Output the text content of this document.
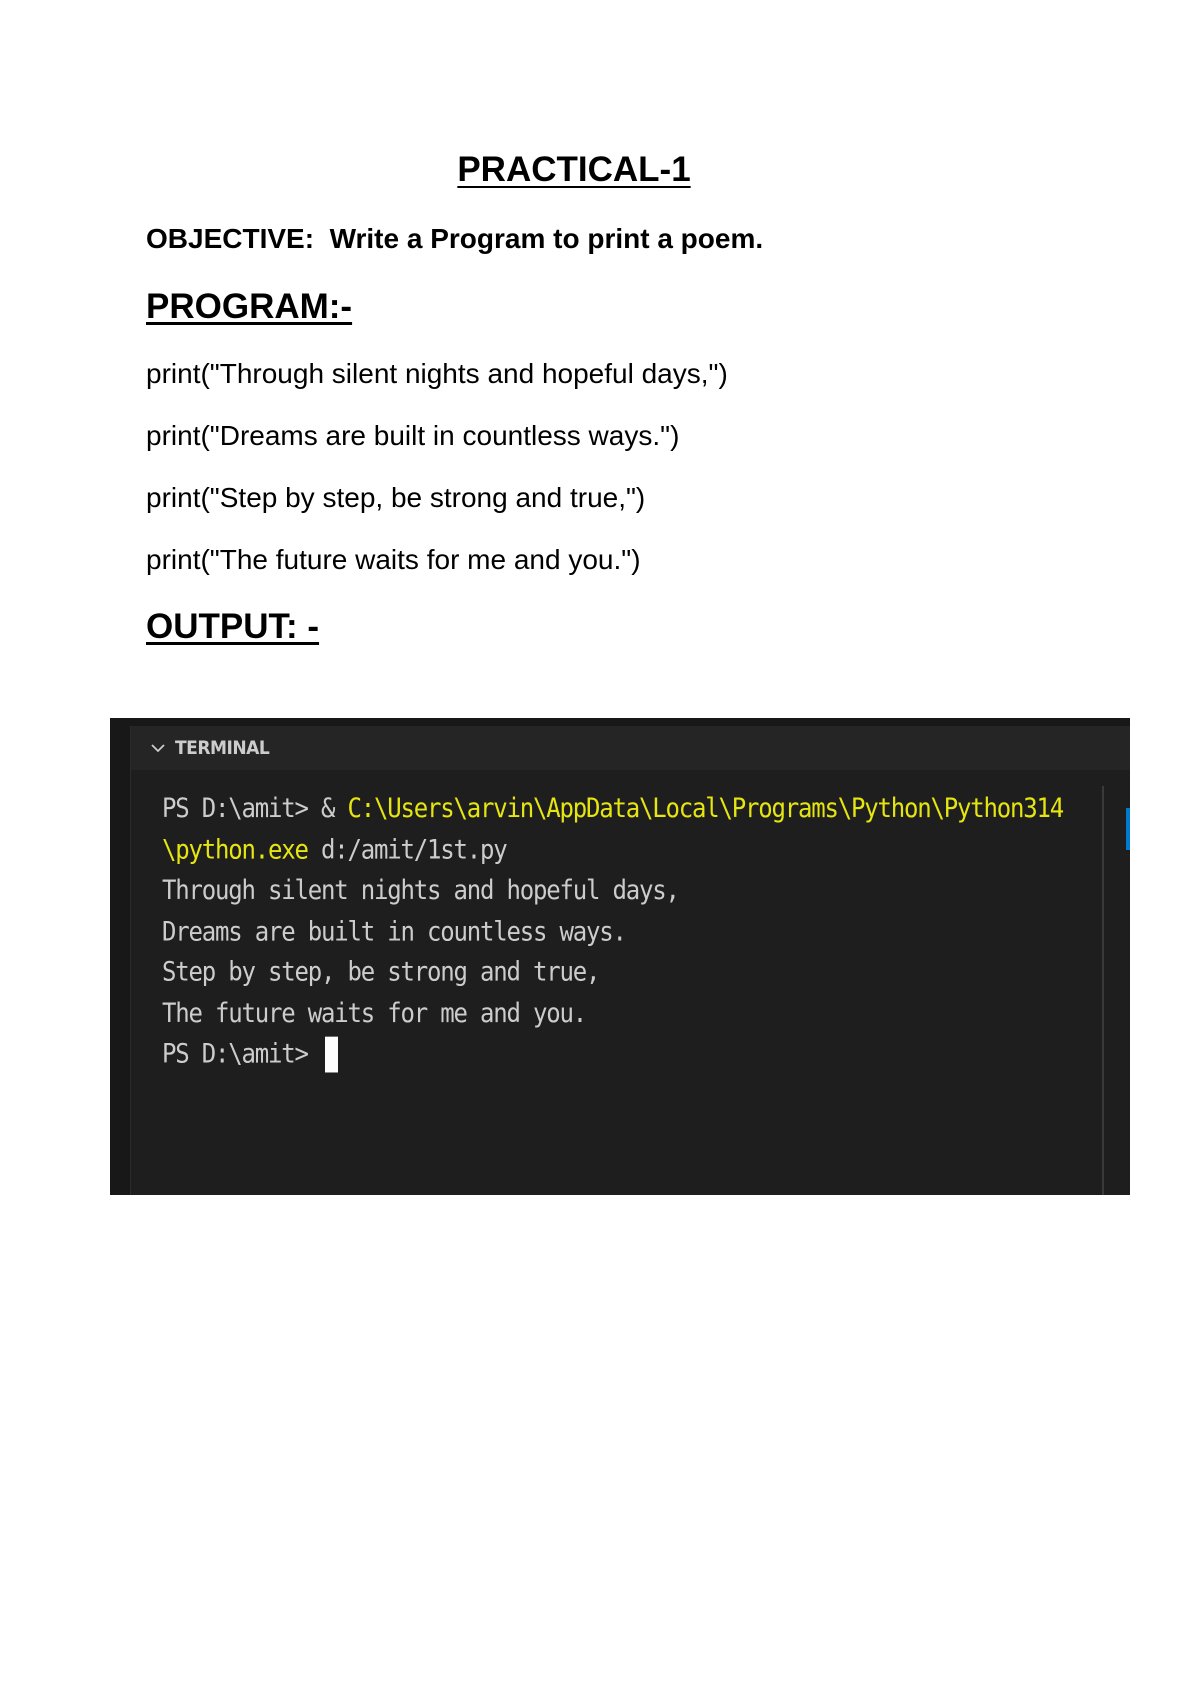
PRACTICAL-1

OBJECTIVE:  Write a Program to print a poem.

PROGRAM:-
print("Through silent nights and hopeful days,")
print("Dreams are built in countless ways.")
print("Step by step, be strong and true,")
print("The future waits for me and you.")
OUTPUT: -
TERMINAL
PS D:\amit> & C:\Users\arvin\AppData\Local\Programs\Python\Python314
\python.exe d:/amit/1st.py
Through silent nights and hopeful days,
Dreams are built in countless ways.
Step by step, be strong and true,
The future waits for me and you.
PS D:\amit>
